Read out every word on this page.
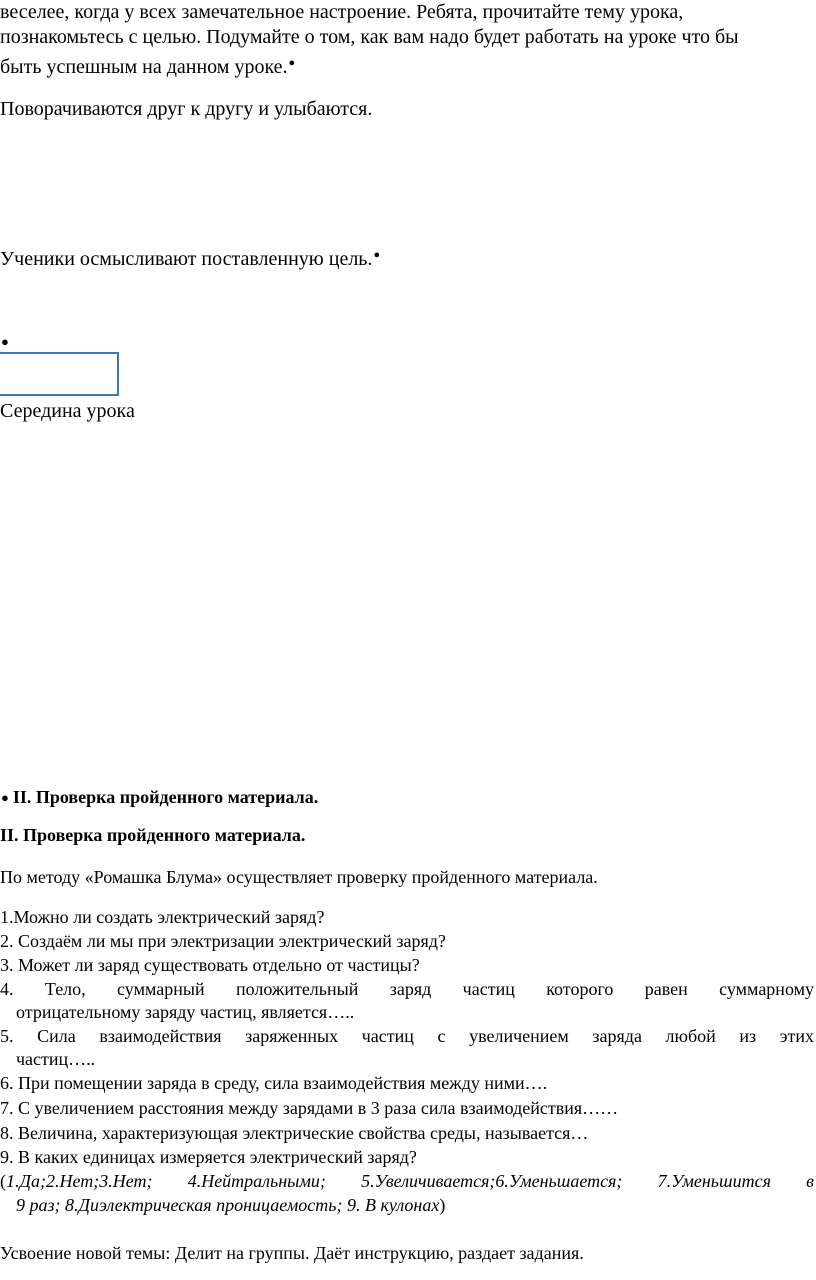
веселее, когда у всех замечательное настроение. Ребята, прочитайте тему урока,
познакомьтесь с целью. Подумайте о том, как вам надо будет работать на уроке что бы
быть успешным на данном уроке.●
Поворачиваются друг к другу и улыбаются.
Ученики осмысливают поставленную цель.●
●
Середина урока
● II. Проверка пройденного материала.
II. Проверка пройденного материала.
По методу «Ромашка Блума» осуществляет проверку пройденного материала.
1.Можно ли создать электрический заряд?
2. Создаём ли мы при электризации электрический заряд?
3. Может ли заряд существовать отдельно от частицы?
4. Тело, суммарный положительный заряд частиц которого равен суммарному
отрицательному заряду частиц, является…..
5. Сила взаимодействия заряженных частиц с увеличением заряда любой из этих
частиц…..
6. При помещении заряда в среду, сила взаимодействия между ними….
7. С увеличением расстояния между зарядами в 3 раза сила взаимодействия……
8. Величина, характеризующая электрические свойства среды, называется…
9. В каких единицах измеряется электрический заряд?
(1.Да;2.Нет;3.Нет; 4.Нейтральными; 5.Увеличивается;6.Уменьшается; 7.Уменьшится в
9 раз; 8.Диэлектрическая проницаемость; 9. В кулонах)
Усвоение новой темы: Делит на группы. Даёт инструкцию, раздает задания.
